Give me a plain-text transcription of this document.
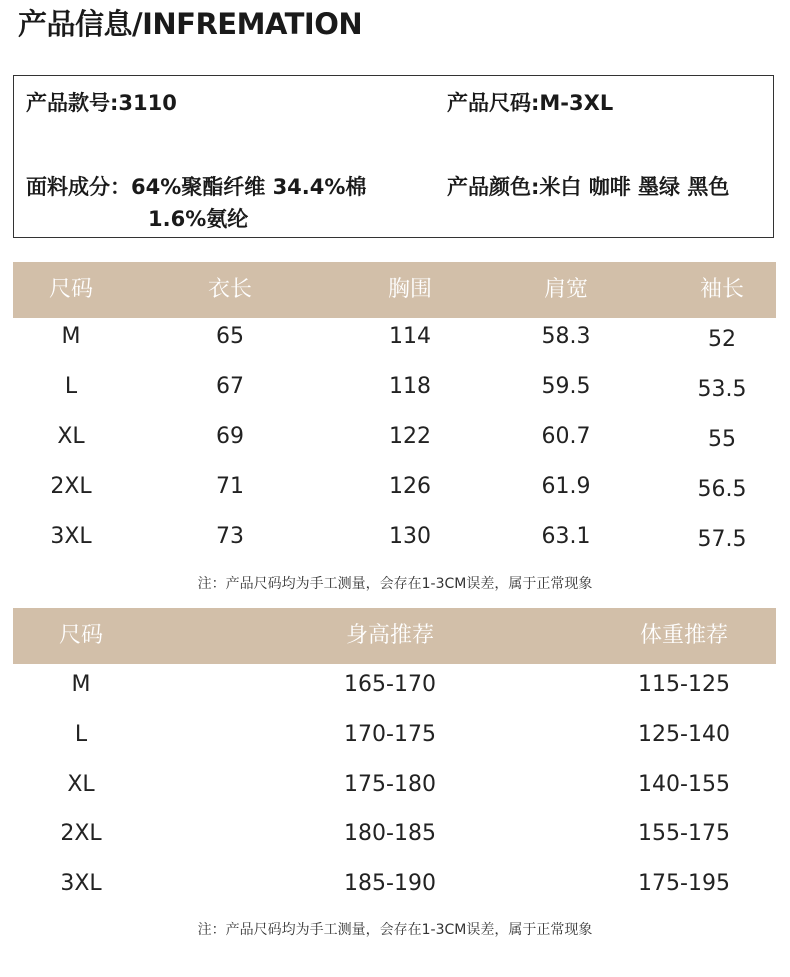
产品信息/INFREMATION
产品款号:3110	产品尺码:M-3XL
面料成分：64%聚酯纤维 34.4%棉
1.6%氨纶
产品颜色:米白 咖啡 墨绿 黑色
尺码	衣长	胸围	肩宽	袖长
M	65	114	58.3	52
L	67	118	59.5	53.5
XL	69	122	60.7	55
2XL	71	126	61.9	56.5
3XL	73	130	63.1	57.5
注：产品尺码均为手工测量，会存在1-3CM误差，属于正常现象
尺码	身高推荐	体重推荐
M	165-170	115-125
L	170-175	125-140
XL	175-180	140-155
2XL	180-185	155-175
3XL	185-190	175-195
注：产品尺码均为手工测量，会存在1-3CM误差，属于正常现象
